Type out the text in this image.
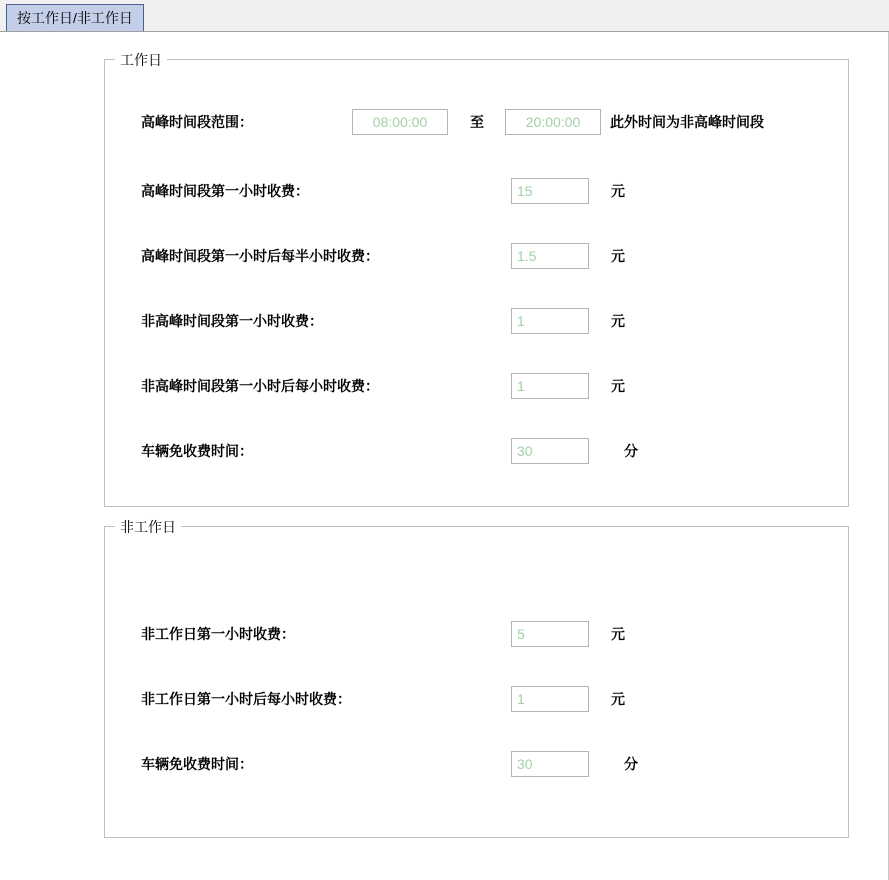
按工作日/非工作日
工作日
高峰时间段范围：
08:00:00	至
20:00:00	此外时间为非高峰时间段
高峰时间段第一小时收费：
15	元
高峰时间段第一小时后每半小时收费：
1.5	元
非高峰时间段第一小时收费：
1	元
非高峰时间段第一小时后每小时收费：
1	元
车辆免收费时间：
30	分
非工作日
非工作日第一小时收费：
5	元
非工作日第一小时后每小时收费：
1	元
车辆免收费时间：
30	分
